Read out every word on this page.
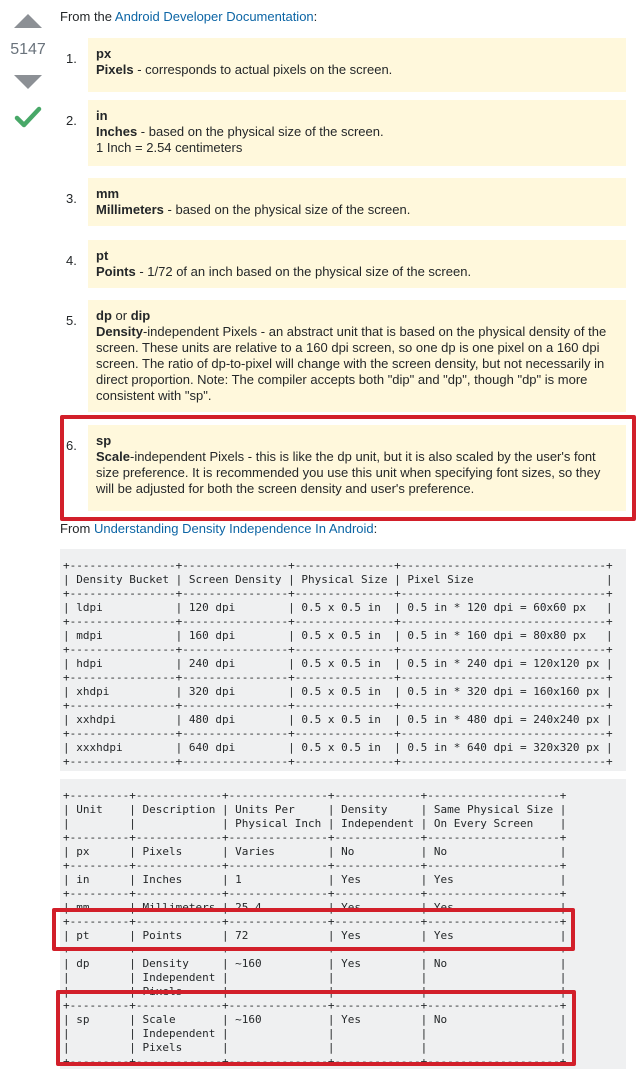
5147
From the Android Developer Documentation:
1. px
Pixels - corresponds to actual pixels on the screen.
2. in
Inches - based on the physical size of the screen.
1 Inch = 2.54 centimeters
3. mm
Millimeters - based on the physical size of the screen.
4. pt
Points - 1/72 of an inch based on the physical size of the screen.
5. dp or dip
Density-independent Pixels - an abstract unit that is based on the physical density of the
screen. These units are relative to a 160 dpi screen, so one dp is one pixel on a 160 dpi
screen. The ratio of dp-to-pixel will change with the screen density, but not necessarily in
direct proportion. Note: The compiler accepts both "dip" and "dp", though "dp" is more
consistent with "sp".
6. sp
Scale-independent Pixels - this is like the dp unit, but it is also scaled by the user's font
size preference. It is recommended you use this unit when specifying font sizes, so they
will be adjusted for both the screen density and user's preference.
From Understanding Density Independence In Android:
+----------------+----------------+---------------+-------------------------------+
| Density Bucket | Screen Density | Physical Size | Pixel Size                    |
+----------------+----------------+---------------+-------------------------------+
| ldpi           | 120 dpi        | 0.5 x 0.5 in  | 0.5 in * 120 dpi = 60x60 px   |
+----------------+----------------+---------------+-------------------------------+
| mdpi           | 160 dpi        | 0.5 x 0.5 in  | 0.5 in * 160 dpi = 80x80 px   |
+----------------+----------------+---------------+-------------------------------+
| hdpi           | 240 dpi        | 0.5 x 0.5 in  | 0.5 in * 240 dpi = 120x120 px |
+----------------+----------------+---------------+-------------------------------+
| xhdpi          | 320 dpi        | 0.5 x 0.5 in  | 0.5 in * 320 dpi = 160x160 px |
+----------------+----------------+---------------+-------------------------------+
| xxhdpi         | 480 dpi        | 0.5 x 0.5 in  | 0.5 in * 480 dpi = 240x240 px |
+----------------+----------------+---------------+-------------------------------+
| xxxhdpi        | 640 dpi        | 0.5 x 0.5 in  | 0.5 in * 640 dpi = 320x320 px |
+----------------+----------------+---------------+-------------------------------+
+---------+-------------+---------------+-------------+--------------------+
| Unit    | Description | Units Per     | Density     | Same Physical Size |
|         |             | Physical Inch | Independent | On Every Screen    |
+---------+-------------+---------------+-------------+--------------------+
| px      | Pixels      | Varies        | No          | No                 |
+---------+-------------+---------------+-------------+--------------------+
| in      | Inches      | 1             | Yes         | Yes                |
+---------+-------------+---------------+-------------+--------------------+
| mm      | Millimeters | 25.4          | Yes         | Yes                |
+---------+-------------+---------------+-------------+--------------------+
| pt      | Points      | 72            | Yes         | Yes                |
+---------+-------------+---------------+-------------+--------------------+
| dp      | Density     | ~160          | Yes         | No                 |
|         | Independent |               |             |                    |
|         | Pixels      |               |             |                    |
+---------+-------------+---------------+-------------+--------------------+
| sp      | Scale       | ~160          | Yes         | No                 |
|         | Independent |               |             |                    |
|         | Pixels      |               |             |                    |
+---------+-------------+---------------+-------------+--------------------+
